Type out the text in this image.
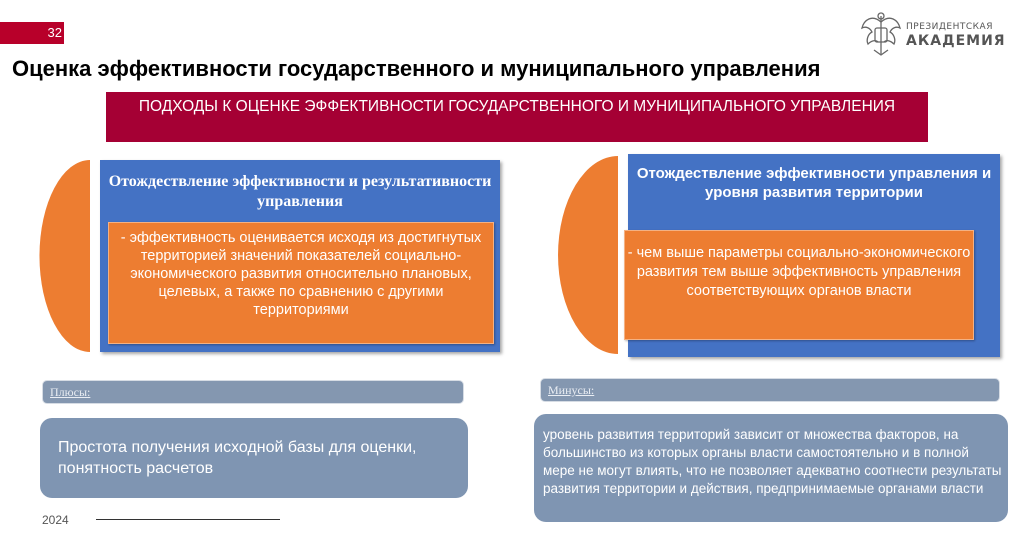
32	ПРЕЗИДЕНТСКАЯ
АКАДЕМИЯ
Оценка эффективности государственного и муниципального управления
ПОДХОДЫ К ОЦЕНКЕ ЭФФЕКТИВНОСТИ ГОСУДАРСТВЕННОГО И МУНИЦИПАЛЬНОГО УПРАВЛЕНИЯ
Отождествление эффективности и результативности управления
- эффективность оценивается исходя из достигнутых территорией значений показателей социально-экономического развития относительно плановых, целевых, а также по сравнению с другими территориями
Отождествление эффективности управления и уровня развития территории
- чем выше параметры социально-экономического развития тем выше эффективность управления соответствующих органов власти
Плюсы:
Простота получения исходной базы для оценки, понятность расчетов
Минусы:
уровень развития территорий зависит от множества факторов, на большинство из которых органы власти самостоятельно и в полной мере не могут влиять, что не позволяет адекватно соотнести результаты развития территории и действия, предпринимаемые органами власти
2024
